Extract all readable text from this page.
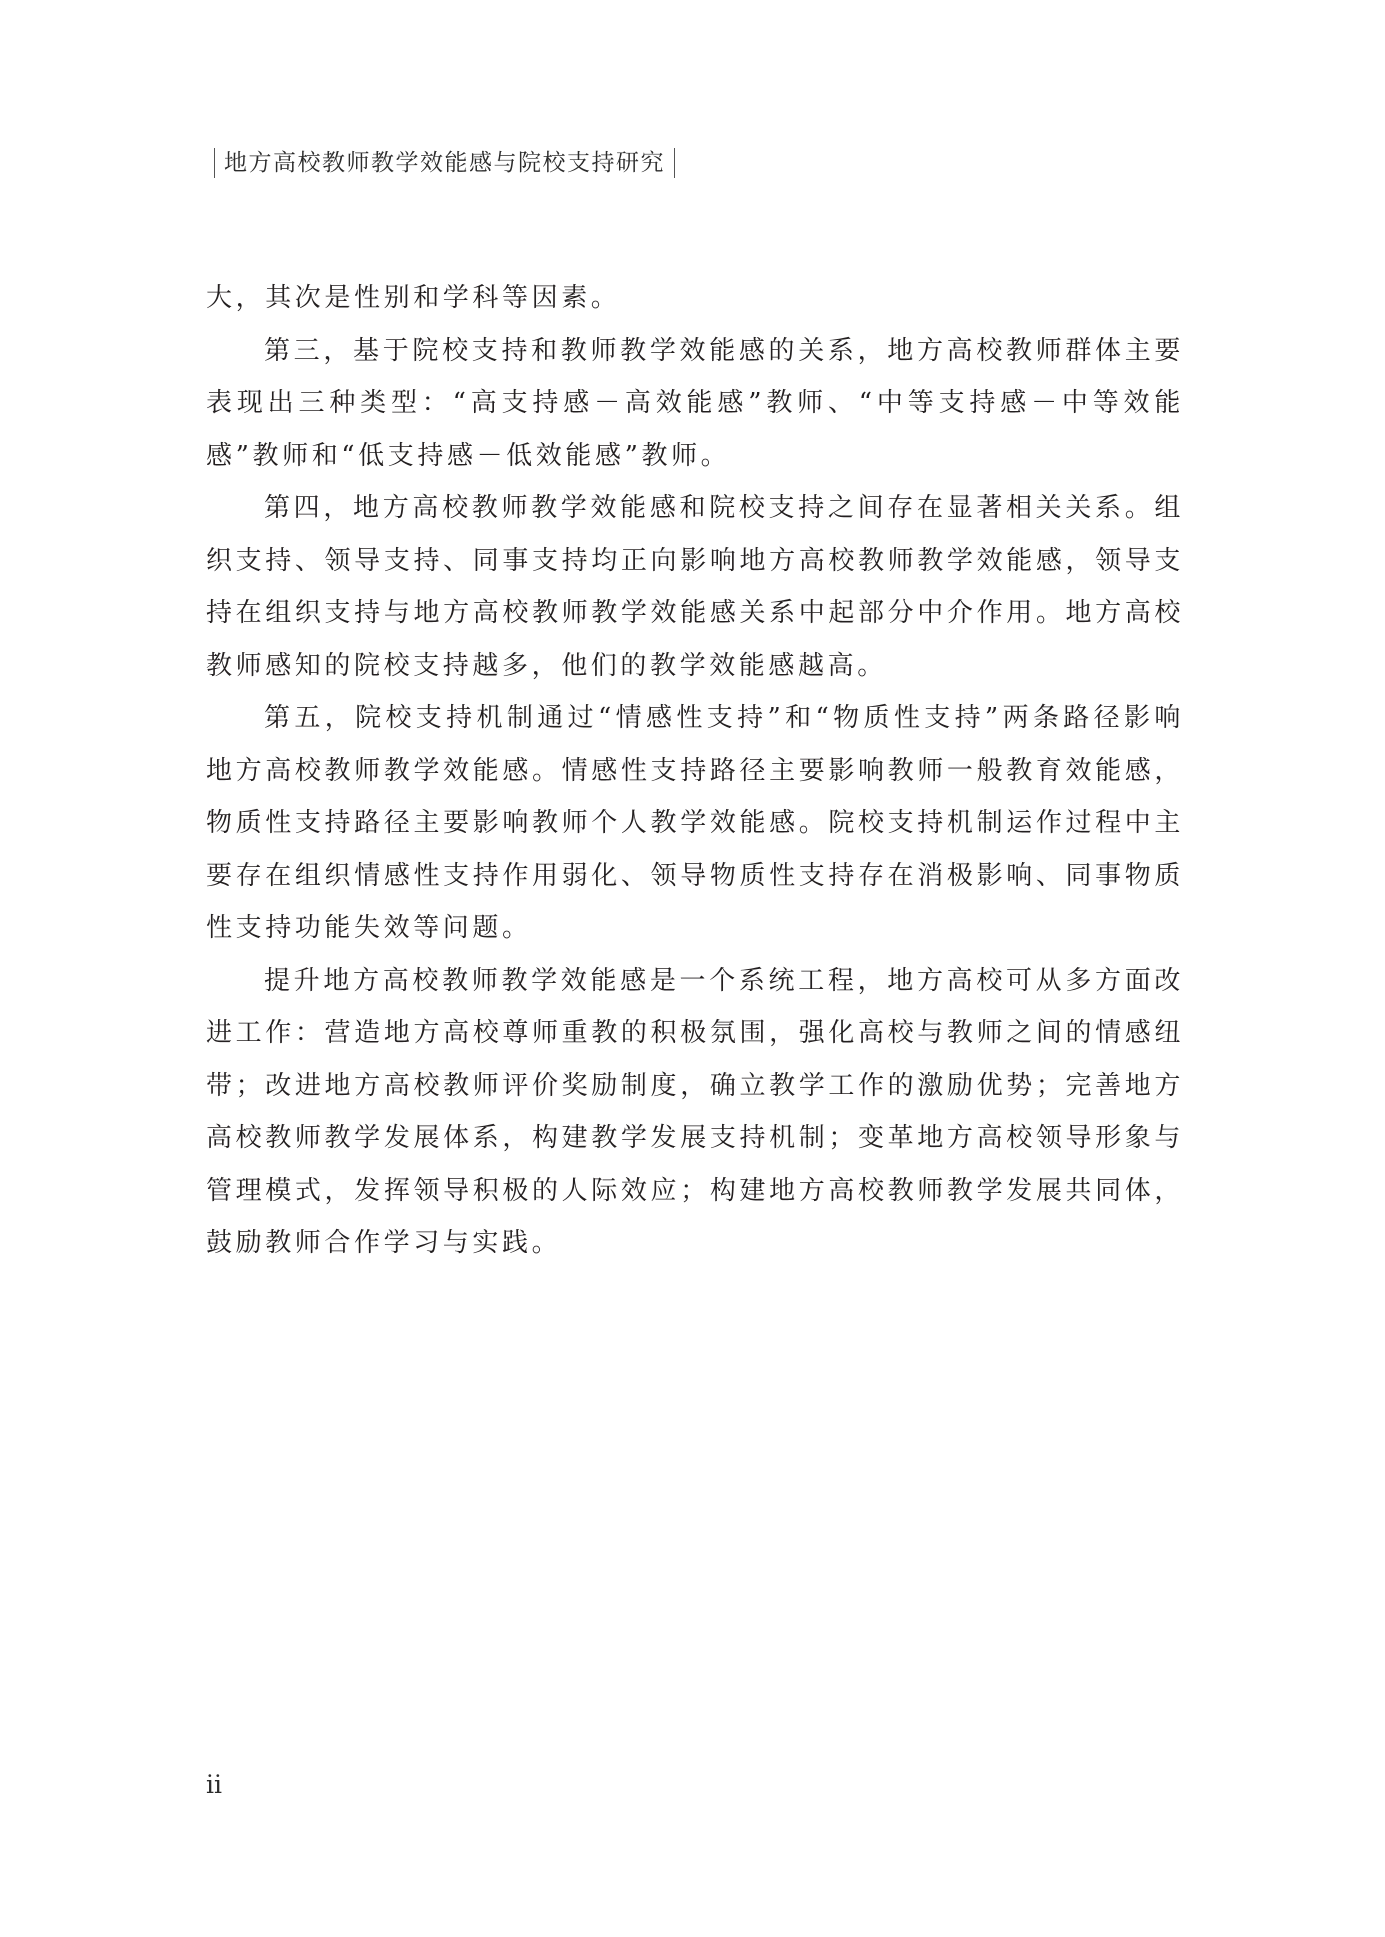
地方高校教师教学效能感与院校支持研究

大，其次是性别和学科等因素。

第三，基于院校支持和教师教学效能感的关系，地方高校教师群体主要表现出三种类型：“高支持感－高效能感”教师、“中等支持感－中等效能感”教师和“低支持感－低效能感”教师。

第四，地方高校教师教学效能感和院校支持之间存在显著相关关系。组织支持、领导支持、同事支持均正向影响地方高校教师教学效能感，领导支持在组织支持与地方高校教师教学效能感关系中起部分中介作用。地方高校教师感知的院校支持越多，他们的教学效能感越高。

第五，院校支持机制通过“情感性支持”和“物质性支持”两条路径影响地方高校教师教学效能感。情感性支持路径主要影响教师一般教育效能感，物质性支持路径主要影响教师个人教学效能感。院校支持机制运作过程中主要存在组织情感性支持作用弱化、领导物质性支持存在消极影响、同事物质性支持功能失效等问题。

提升地方高校教师教学效能感是一个系统工程，地方高校可从多方面改进工作：营造地方高校尊师重教的积极氛围，强化高校与教师之间的情感纽带；改进地方高校教师评价奖励制度，确立教学工作的激励优势；完善地方高校教师教学发展体系，构建教学发展支持机制；变革地方高校领导形象与管理模式，发挥领导积极的人际效应；构建地方高校教师教学发展共同体，鼓励教师合作学习与实践。

ii
